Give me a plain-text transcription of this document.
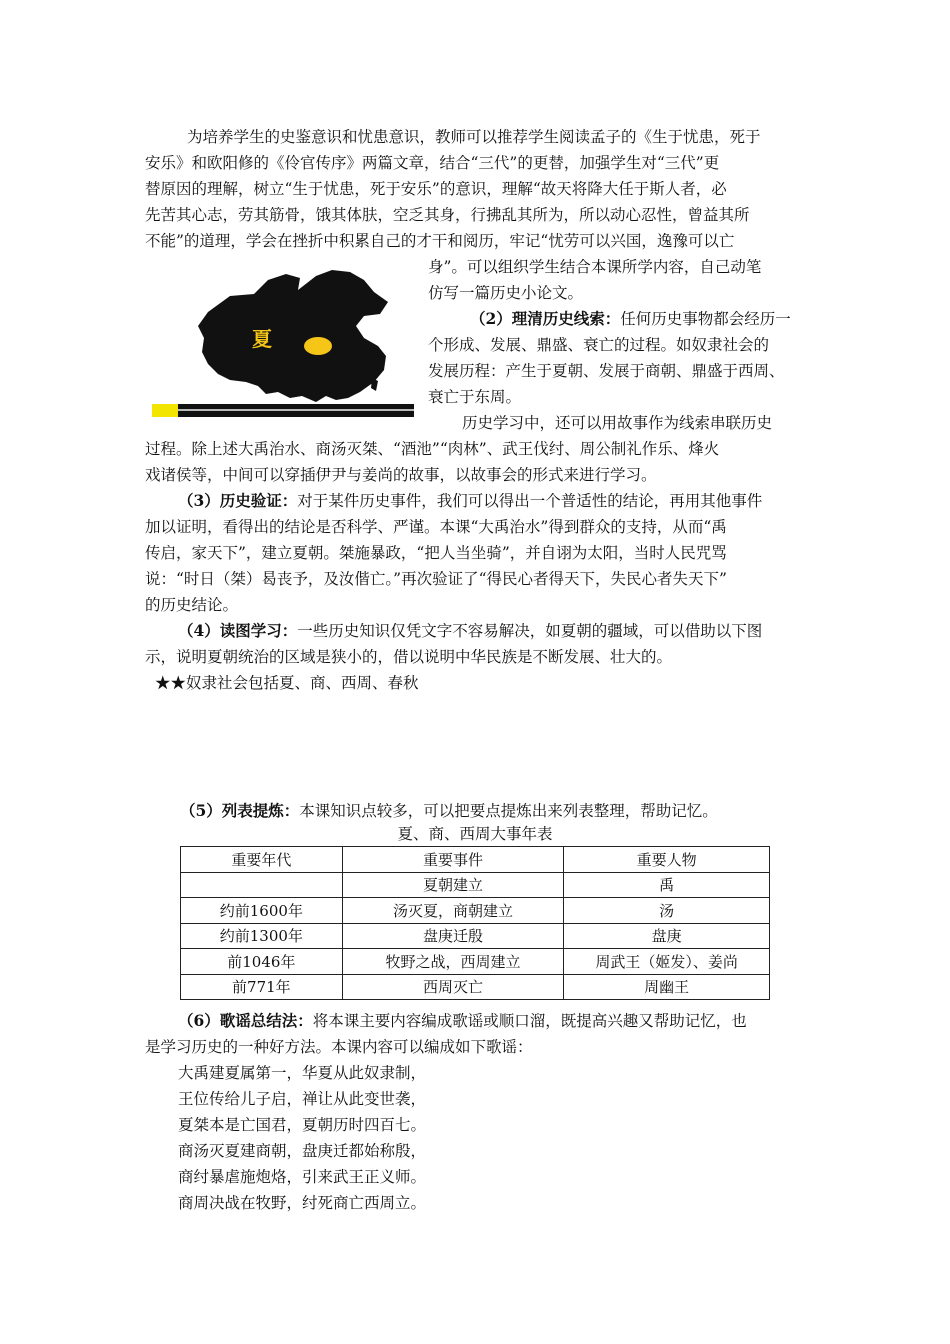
为培养学生的史鉴意识和忧患意识，教师可以推荐学生阅读孟子的《生于忧患，死于
安乐》和欧阳修的《伶官传序》两篇文章，结合“三代”的更替，加强学生对“三代”更
替原因的理解，树立“生于忧患，死于安乐”的意识，理解“故天将降大任于斯人者，必
先苦其心志，劳其筋骨，饿其体肤，空乏其身，行拂乱其所为，所以动心忍性，曾益其所
不能”的道理，学会在挫折中积累自己的才干和阅历，牢记“忧劳可以兴国，逸豫可以亡
身”。可以组织学生结合本课所学内容，自己动笔
仿写一篇历史小论文。
夏
（2）理清历史线索：任何历史事物都会经历一
个形成、发展、鼎盛、衰亡的过程。如奴隶社会的
发展历程：产生于夏朝、发展于商朝、鼎盛于西周、
衰亡于东周。
历史学习中，还可以用故事作为线索串联历史
过程。除上述大禹治水、商汤灭桀、“酒池”“肉林”、武王伐纣、周公制礼作乐、烽火
戏诸侯等，中间可以穿插伊尹与姜尚的故事，以故事会的形式来进行学习。
（3）历史验证：对于某件历史事件，我们可以得出一个普适性的结论，再用其他事件
加以证明，看得出的结论是否科学、严谨。本课“大禹治水”得到群众的支持，从而“禹
传启，家天下”，建立夏朝。桀施暴政，“把人当坐骑”，并自诩为太阳，当时人民咒骂
说：“时日（桀）曷丧予，及汝偕亡。”再次验证了“得民心者得天下，失民心者失天下”
的历史结论。
（4）读图学习：一些历史知识仅凭文字不容易解决，如夏朝的疆域，可以借助以下图
示，说明夏朝统治的区域是狭小的，借以说明中华民族是不断发展、壮大的。
★★奴隶社会包括夏、商、西周、春秋
（5）列表提炼：本课知识点较多，可以把要点提炼出来列表整理，帮助记忆。
夏、商、西周大事年表
重要年代	重要事件	重要人物
	夏朝建立	禹
约前1600年	汤灭夏，商朝建立	汤
约前1300年	盘庚迁殷	盘庚
前1046年	牧野之战，西周建立	周武王（姬发）、姜尚
前771年	西周灭亡	周幽王
（6）歌谣总结法：将本课主要内容编成歌谣或顺口溜，既提高兴趣又帮助记忆，也
是学习历史的一种好方法。本课内容可以编成如下歌谣：
大禹建夏属第一，华夏从此奴隶制，
王位传给儿子启，禅让从此变世袭，
夏桀本是亡国君，夏朝历时四百七。
商汤灭夏建商朝，盘庚迁都始称殷，
商纣暴虐施炮烙，引来武王正义师。
商周决战在牧野，纣死商亡西周立。
